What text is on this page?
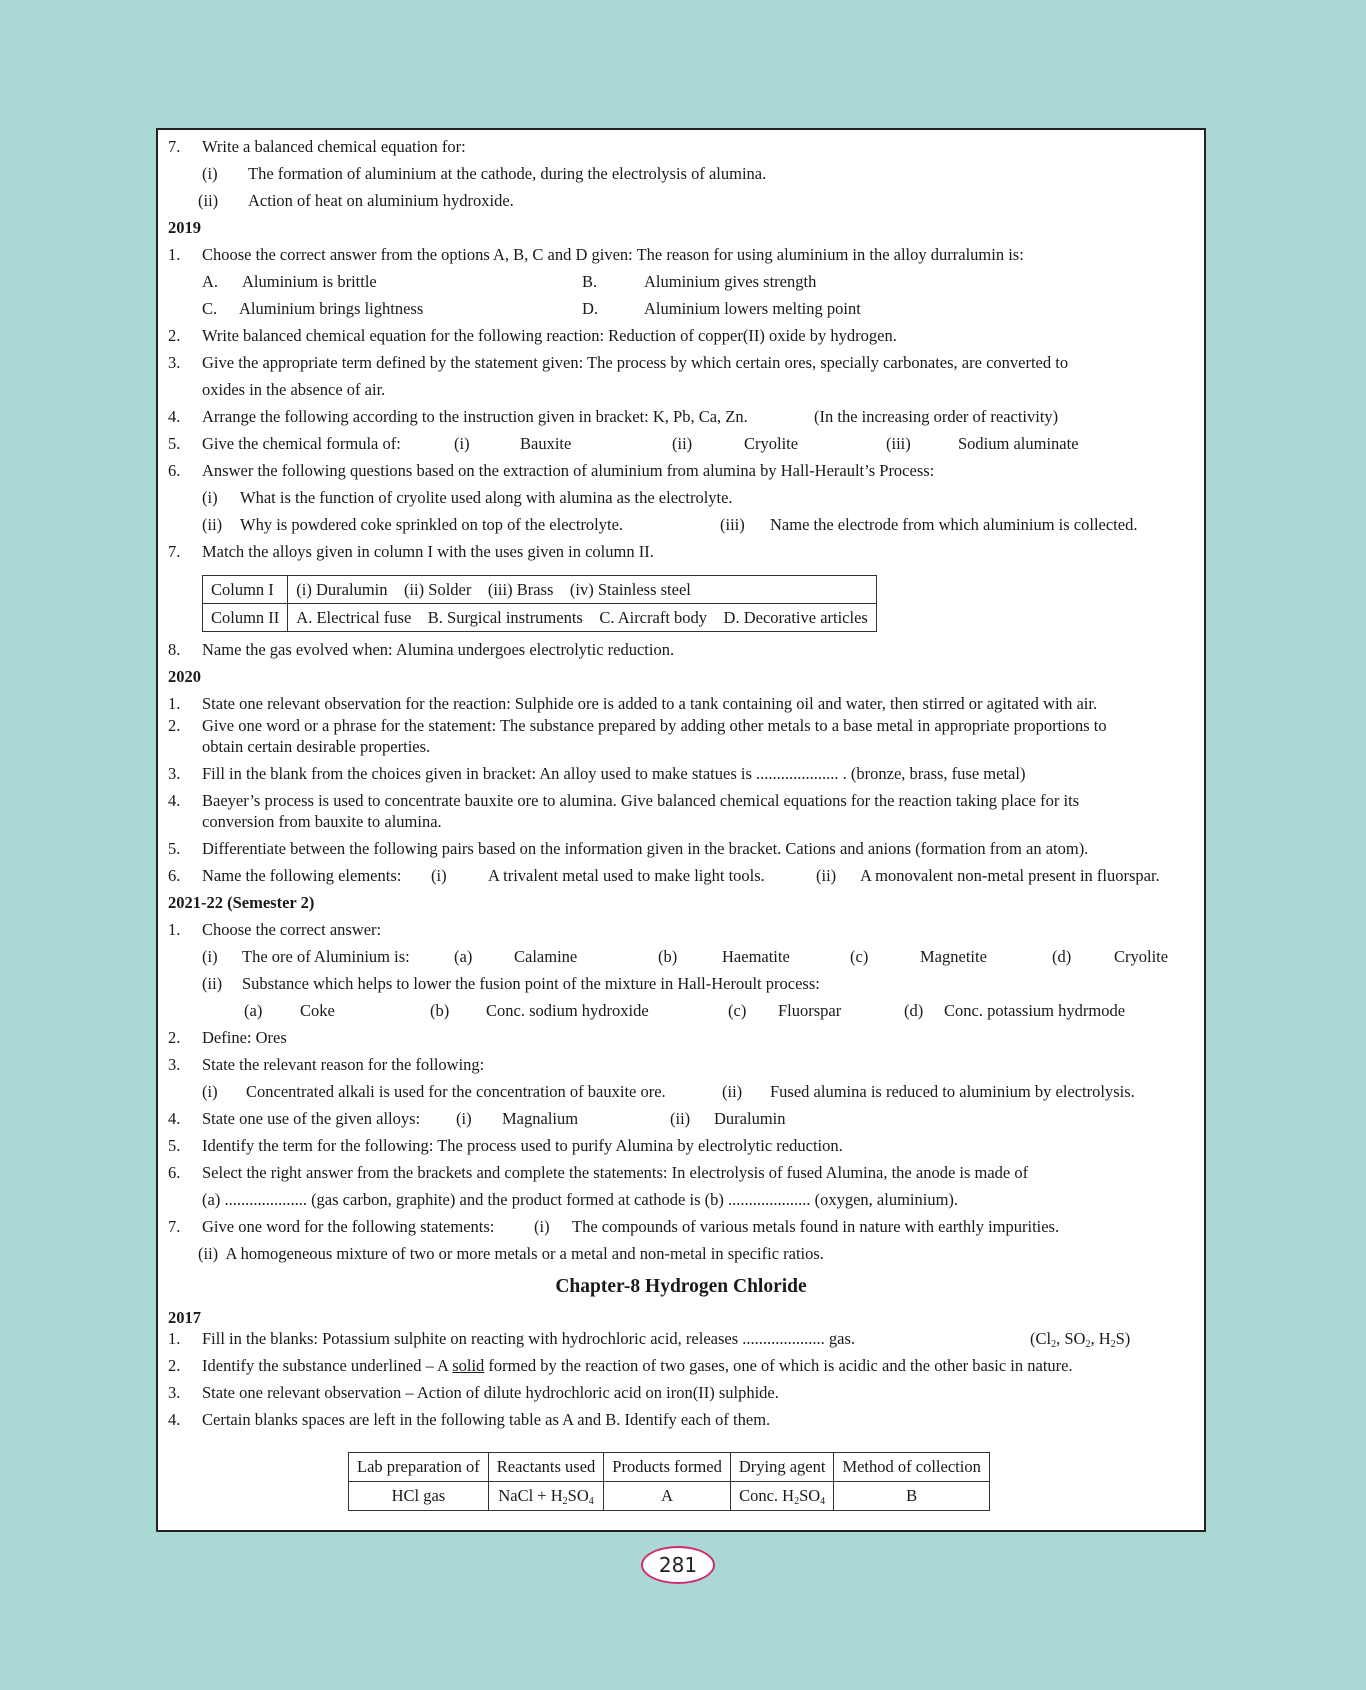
7. Write a balanced chemical equation for:
(i) The formation of aluminium at the cathode, during the electrolysis of alumina.
(ii) Action of heat on aluminium hydroxide.
2019
1. Choose the correct answer from the options A, B, C and D given: The reason for using aluminium in the alloy durralumin is:
A. Aluminium is brittle	B.	Aluminium gives strength
C. Aluminium brings lightness	D.	Aluminium lowers melting point
2. Write balanced chemical equation for the following reaction: Reduction of copper(II) oxide by hydrogen.
3. Give the appropriate term defined by the statement given: The process by which certain ores, specially carbonates, are converted to
oxides in the absence of air.
4. Arrange the following according to the instruction given in bracket: K, Pb, Ca, Zn.	(In the increasing order of reactivity)
5. Give the chemical formula of:	(i)	Bauxite	(ii)	Cryolite	(iii)	Sodium aluminate
6. Answer the following questions based on the extraction of aluminium from alumina by Hall-Herault’s Process:
(i) What is the function of cryolite used along with alumina as the electrolyte.
(ii) Why is powdered coke sprinkled on top of the electrolyte.	(iii) Name the electrode from which aluminium is collected.
7. Match the alloys given in column I with the uses given in column II.
Column I	(i) Duralumin    (ii) Solder    (iii) Brass    (iv) Stainless steel
Column II	A. Electrical fuse    B. Surgical instruments    C. Aircraft body    D. Decorative articles
8. Name the gas evolved when: Alumina undergoes electrolytic reduction.
2020
1. State one relevant observation for the reaction: Sulphide ore is added to a tank containing oil and water, then stirred or agitated with air.
2. Give one word or a phrase for the statement: The substance prepared by adding other metals to a base metal in appropriate proportions to
obtain certain desirable properties.
3. Fill in the blank from the choices given in bracket: An alloy used to make statues is .................... . (bronze, brass, fuse metal)
4. Baeyer’s process is used to concentrate bauxite ore to alumina. Give balanced chemical equations for the reaction taking place for its
conversion from bauxite to alumina.
5. Differentiate between the following pairs based on the information given in the bracket. Cations and anions (formation from an atom).
6. Name the following elements: (i)	A trivalent metal used to make light tools.	(ii) A monovalent non-metal present in fluorspar.
2021-22 (Semester 2)
1. Choose the correct answer:
(i) The ore of Aluminium is:	(a)	Calamine	(b)	Haematite	(c)	Magnetite	(d)	Cryolite
(ii) Substance which helps to lower the fusion point of the mixture in Hall-Heroult process:
(a) Coke	(b) Conc. sodium hydroxide	(c) Fluorspar	(d) Conc. potassium hydrmode
2. Define: Ores
3. State the relevant reason for the following:
(i) Concentrated alkali is used for the concentration of bauxite ore.	(ii) Fused alumina is reduced to aluminium by electrolysis.
4. State one use of the given alloys: (i) Magnalium	(ii) Duralumin
5. Identify the term for the following: The process used to purify Alumina by electrolytic reduction.
6. Select the right answer from the brackets and complete the statements: In electrolysis of fused Alumina, the anode is made of
(a) .................... (gas carbon, graphite) and the product formed at cathode is (b) .................... (oxygen, aluminium).
7. Give one word for the following statements: (i) The compounds of various metals found in nature with earthly impurities.
(ii)  A homogeneous mixture of two or more metals or a metal and non-metal in specific ratios.
Chapter-8 Hydrogen Chloride
2017
1. Fill in the blanks: Potassium sulphite on reacting with hydrochloric acid, releases .................... gas.	($Cl_2$, $SO_2$, $H_2S$)
2. Identify the substance underlined – A solid formed by the reaction of two gases, one of which is acidic and the other basic in nature.
3. State one relevant observation – Action of dilute hydrochloric acid on iron(II) sulphide.
4. Certain blanks spaces are left in the following table as A and B. Identify each of them.
Lab preparation of	Reactants used	Products formed	Drying agent	Method of collection
HCl gas	NaCl + $H_2SO_4$	A	Conc. $H_2SO_4$	B
281
